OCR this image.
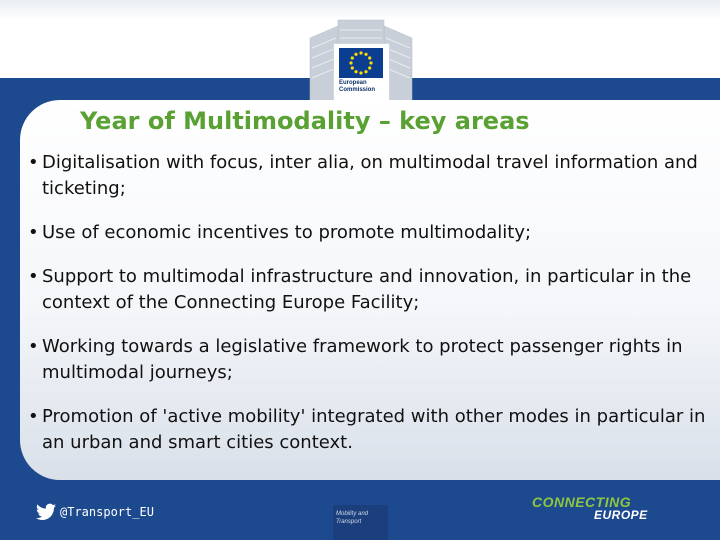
European Commission
Year of Multimodality – key areas
• Digitalisation with focus, inter alia, on multimodal travel information and ticketing;
• Use of economic incentives to promote multimodality;
• Support to multimodal infrastructure and innovation, in particular in the context of the Connecting Europe Facility;
• Working towards a legislative framework to protect passenger rights in multimodal journeys;
• Promotion of 'active mobility' integrated with other modes in particular in an urban and smart cities context.
@Transport_EU	Mobility and Transport
CONNECTING
EUROPE
